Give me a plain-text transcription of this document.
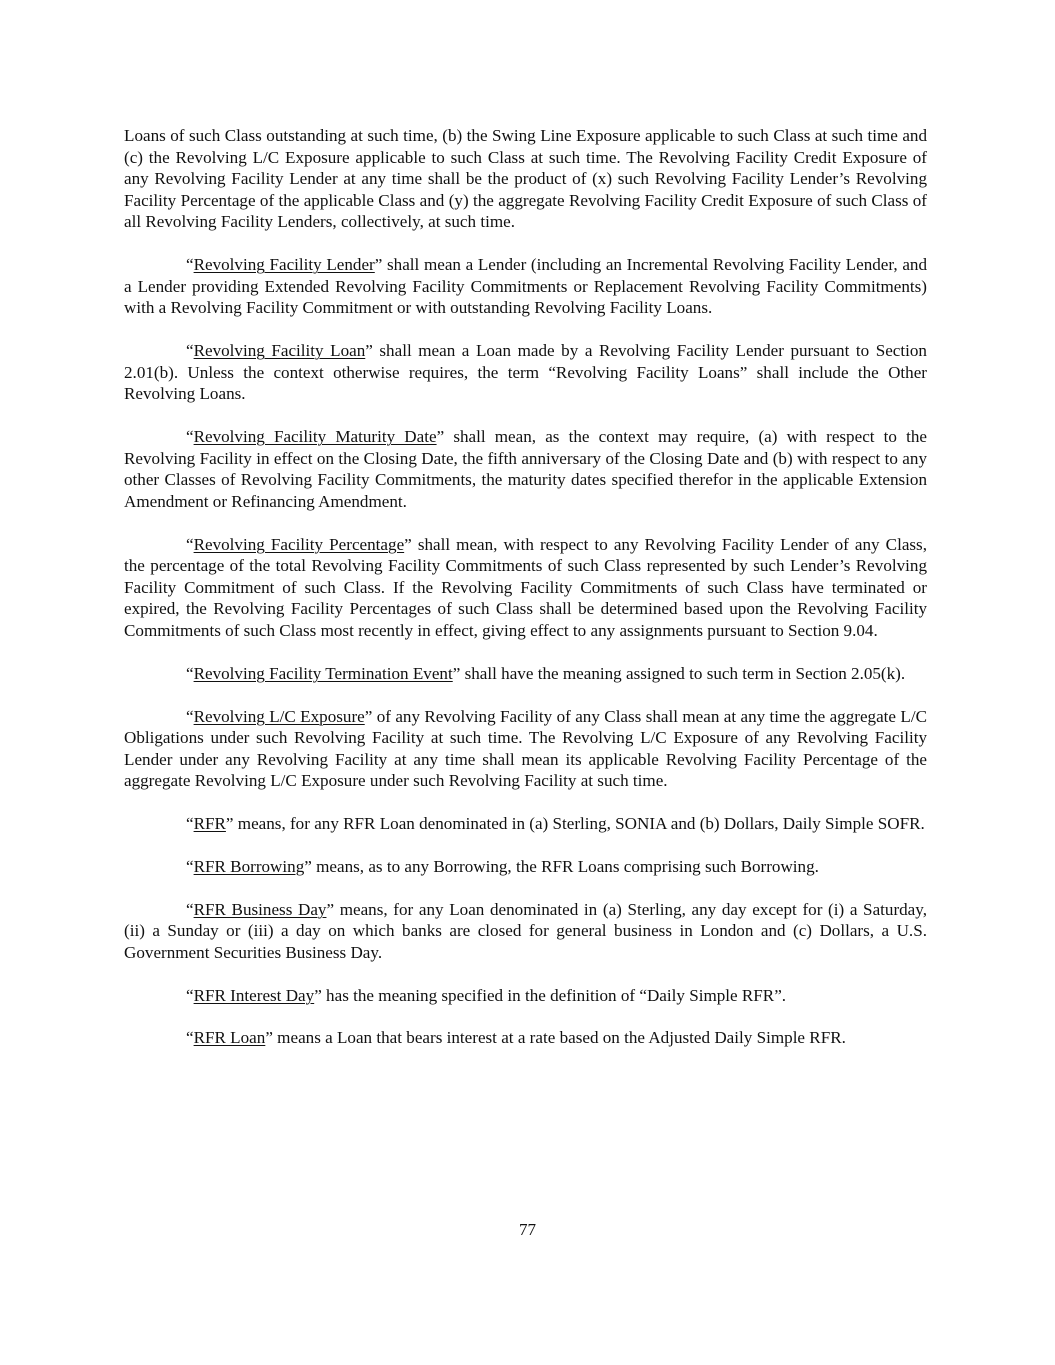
Loans of such Class outstanding at such time, (b) the Swing Line Exposure applicable to such Class at such time and (c) the Revolving L/C Exposure applicable to such Class at such time. The Revolving Facility Credit Exposure of any Revolving Facility Lender at any time shall be the product of (x) such Revolving Facility Lender’s Revolving Facility Percentage of the applicable Class and (y) the aggregate Revolving Facility Credit Exposure of such Class of all Revolving Facility Lenders, collectively, at such time.

“Revolving Facility Lender” shall mean a Lender (including an Incremental Revolving Facility Lender, and a Lender providing Extended Revolving Facility Commitments or Replacement Revolving Facility Commitments) with a Revolving Facility Commitment or with outstanding Revolving Facility Loans.

“Revolving Facility Loan” shall mean a Loan made by a Revolving Facility Lender pursuant to Section 2.01(b). Unless the context otherwise requires, the term “Revolving Facility Loans” shall include the Other Revolving Loans.

“Revolving Facility Maturity Date” shall mean, as the context may require, (a) with respect to the Revolving Facility in effect on the Closing Date, the fifth anniversary of the Closing Date and (b) with respect to any other Classes of Revolving Facility Commitments, the maturity dates specified therefor in the applicable Extension Amendment or Refinancing Amendment.

“Revolving Facility Percentage” shall mean, with respect to any Revolving Facility Lender of any Class, the percentage of the total Revolving Facility Commitments of such Class represented by such Lender’s Revolving Facility Commitment of such Class. If the Revolving Facility Commitments of such Class have terminated or expired, the Revolving Facility Percentages of such Class shall be determined based upon the Revolving Facility Commitments of such Class most recently in effect, giving effect to any assignments pursuant to Section 9.04.

“Revolving Facility Termination Event” shall have the meaning assigned to such term in Section 2.05(k).

“Revolving L/C Exposure” of any Revolving Facility of any Class shall mean at any time the aggregate L/C Obligations under such Revolving Facility at such time. The Revolving L/C Exposure of any Revolving Facility Lender under any Revolving Facility at any time shall mean its applicable Revolving Facility Percentage of the aggregate Revolving L/C Exposure under such Revolving Facility at such time.

“RFR” means, for any RFR Loan denominated in (a) Sterling, SONIA and (b) Dollars, Daily Simple SOFR.

“RFR Borrowing” means, as to any Borrowing, the RFR Loans comprising such Borrowing.

“RFR Business Day” means, for any Loan denominated in (a) Sterling, any day except for (i) a Saturday, (ii) a Sunday or (iii) a day on which banks are closed for general business in London and (c) Dollars, a U.S. Government Securities Business Day.

“RFR Interest Day” has the meaning specified in the definition of “Daily Simple RFR”.

“RFR Loan” means a Loan that bears interest at a rate based on the Adjusted Daily Simple RFR.

77
